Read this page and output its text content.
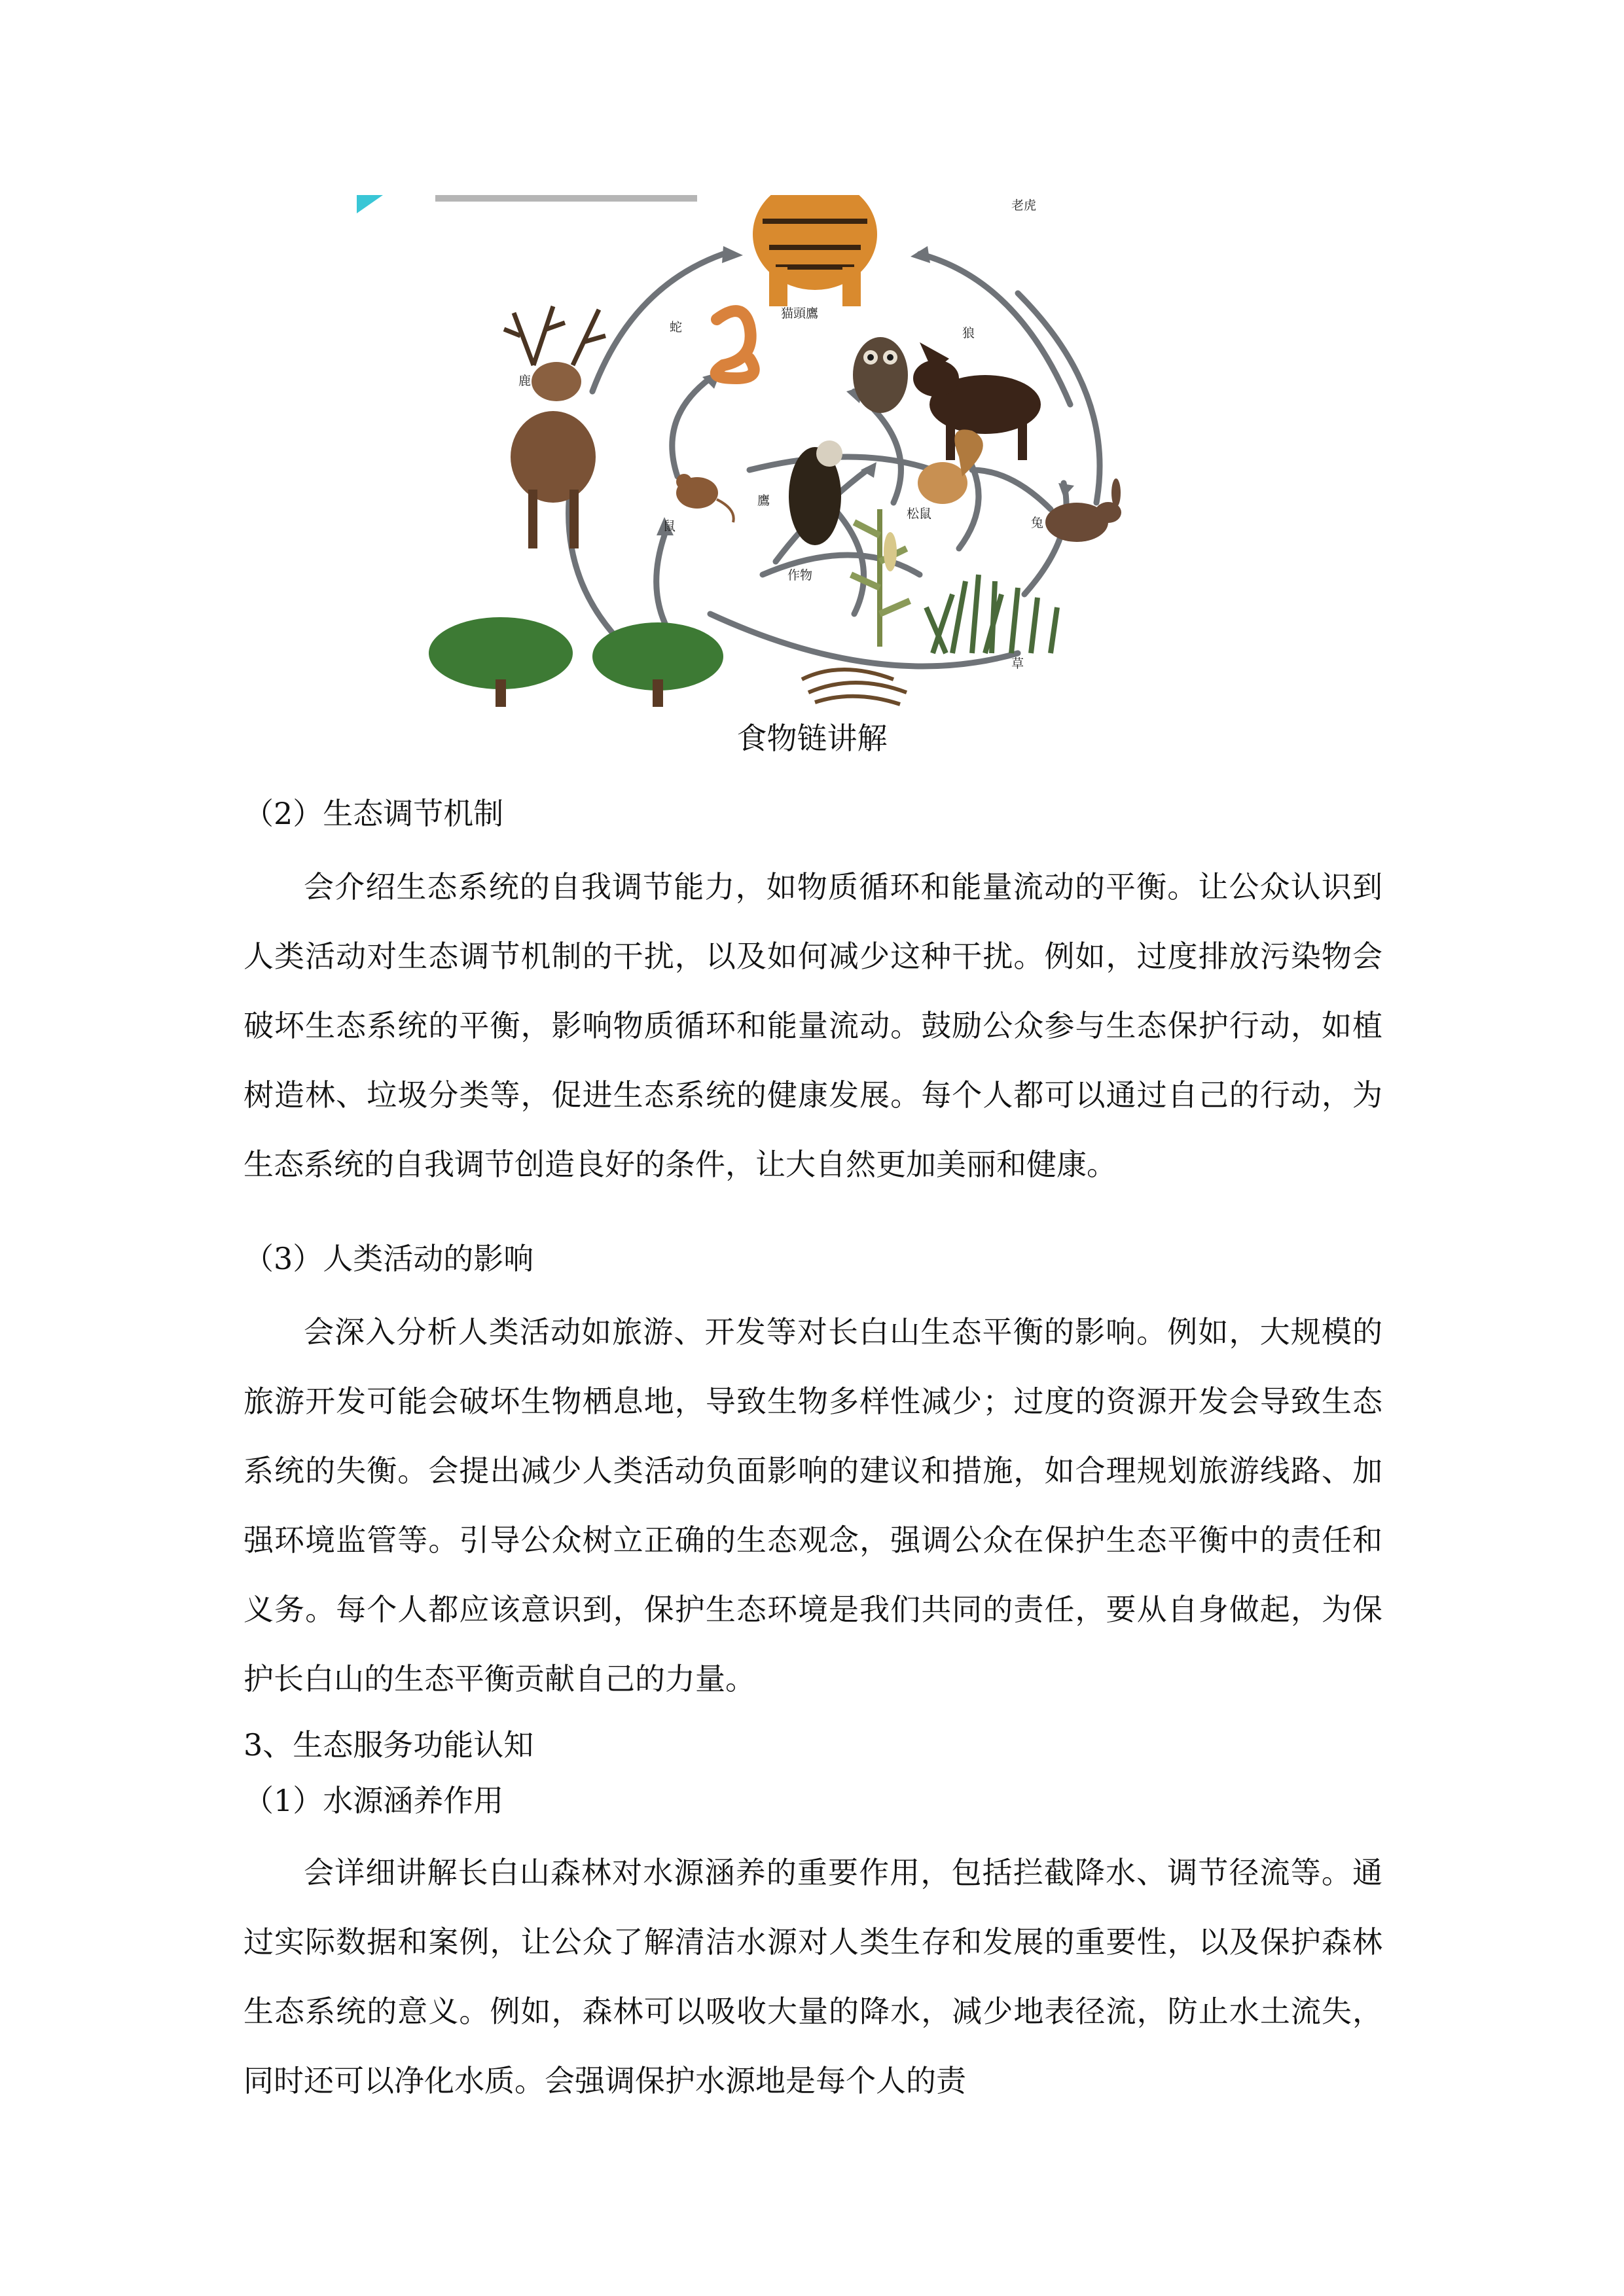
老虎
鹿
蛇
猫頭鷹
狼
鼠
鷹
松鼠
兔
作物
草
食物链讲解

（2）生态调节机制

会介绍生态系统的自我调节能力，如物质循环和能量流动的平衡。让公众认识到人类活动对生态调节机制的干扰，以及如何减少这种干扰。例如，过度排放污染物会破坏生态系统的平衡，影响物质循环和能量流动。鼓励公众参与生态保护行动，如植树造林、垃圾分类等，促进生态系统的健康发展。每个人都可以通过自己的行动，为生态系统的自我调节创造良好的条件，让大自然更加美丽和健康。

（3）人类活动的影响

会深入分析人类活动如旅游、开发等对长白山生态平衡的影响。例如，大规模的旅游开发可能会破坏生物栖息地，导致生物多样性减少；过度的资源开发会导致生态系统的失衡。会提出减少人类活动负面影响的建议和措施，如合理规划旅游线路、加强环境监管等。引导公众树立正确的生态观念，强调公众在保护生态平衡中的责任和义务。每个人都应该意识到，保护生态环境是我们共同的责任，要从自身做起，为保护长白山的生态平衡贡献自己的力量。

3、生态服务功能认知

（1）水源涵养作用

会详细讲解长白山森林对水源涵养的重要作用，包括拦截降水、调节径流等。通过实际数据和案例，让公众了解清洁水源对人类生存和发展的重要性，以及保护森林生态系统的意义。例如，森林可以吸收大量的降水，减少地表径流，防止水土流失，同时还可以净化水质。会强调保护水源地是每个人的责
